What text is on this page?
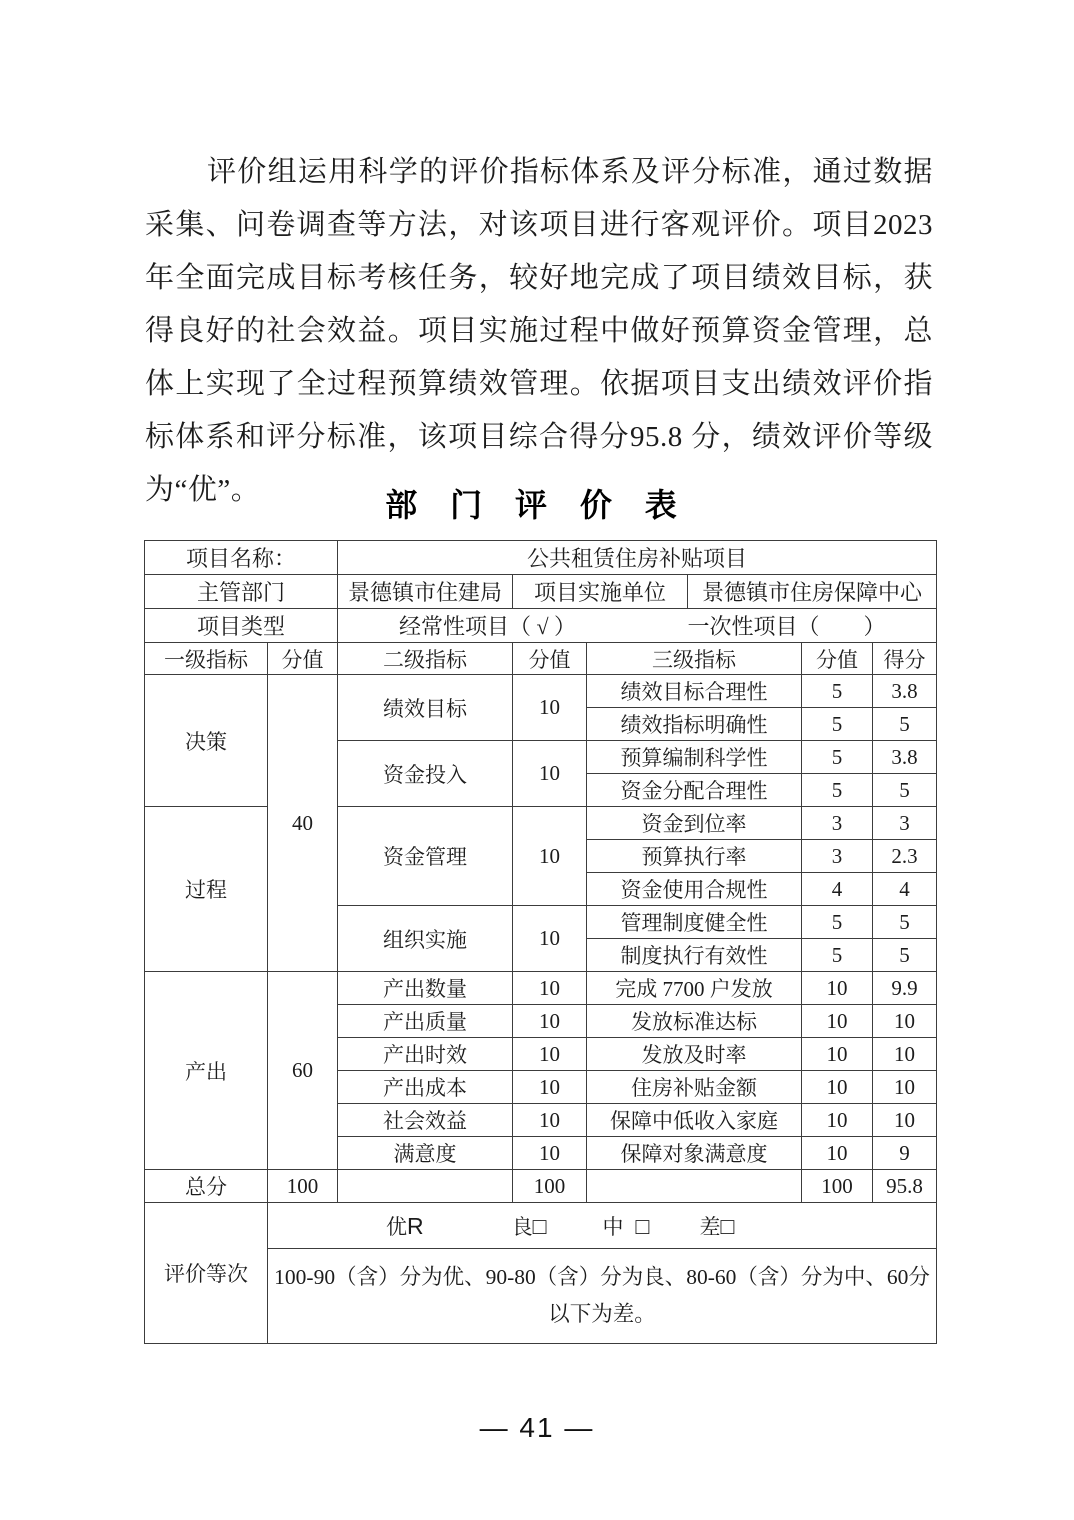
评价组运用科学的评价指标体系及评分标准，通过数据采集、问卷调查等方法，对该项目进行客观评价。项目2023 年全面完成目标考核任务，较好地完成了项目绩效目标，获得良好的社会效益。项目实施过程中做好预算资金管理，总体上实现了全过程预算绩效管理。依据项目支出绩效评价指标体系和评分标准，该项目综合得分95.8 分，绩效评价等级为“优”。	部 门 评 价 表
项目名称：		公共租赁住房补贴项目					
主管部门		景德镇市住建局	项目实施单位		景德镇市住房保障中心		
项目类型		经常性项目（ √ ） 一次性项目（　　）					

一级指标	分值	二级指标	分值	三级指标		分值	得分
决策	40	绩效目标	10	绩效目标合理性		5	3.8
				绩效指标明确性		5	5
		资金投入	10	预算编制科学性		5	3.8
				资金分配合理性		5	5
过程		资金管理	10	资金到位率		3	3
				预算执行率		3	2.3
				资金使用合规性		4	4
		组织实施	10	管理制度健全性		5	5
				制度执行有效性		5	5
产出	60	产出数量	10	完成 7700 户发放		10	9.9
		产出质量	10	发放标准达标		10	10
		产出时效	10	发放及时率		10	10
		产出成本	10	住房补贴金额		10	10
		社会效益	10	保障中低收入家庭		10	10
		满意度	10	保障对象满意度		10	9
总分	100		100			100	95.8
评价等次	优R 良□ 中 □ 差□						

	100-90（含）分为优、90-80（含）分为良、80-60（含）分为中、60分以下为差。						
— 41 —
